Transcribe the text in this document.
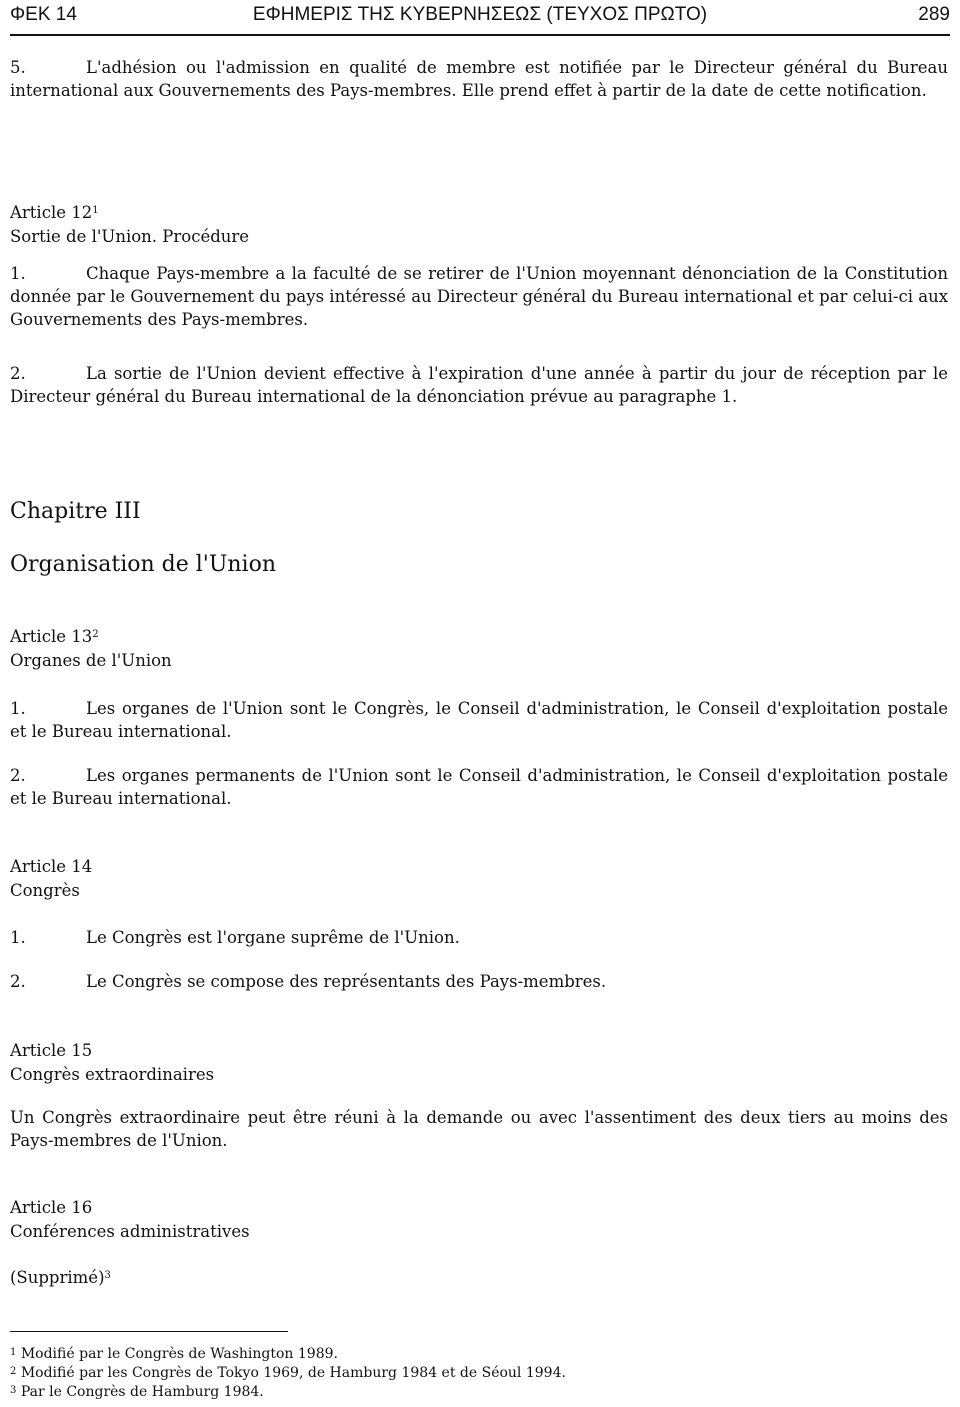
ΦΕΚ 14	ΕΦΗΜΕΡΙΣ ΤΗΣ ΚΥΒΕΡΝΗΣΕΩΣ (ΤΕΥΧΟΣ ΠΡΩΤΟ)	289
5.	L'adhésion ou l'admission en qualité de membre est notifiée par le Directeur général du Bureau international aux Gouvernements des Pays-membres. Elle prend effet à partir de la date de cette notification.
Article $12^1$
Sortie de l'Union. Procédure
1.	Chaque Pays-membre a la faculté de se retirer de l'Union moyennant dénonciation de la Constitution donnée par le Gouvernement du pays intéressé au Directeur général du Bureau international et par celui-ci aux Gouvernements des Pays-membres.
2.	La sortie de l'Union devient effective à l'expiration d'une année à partir du jour de réception par le Directeur général du Bureau international de la dénonciation prévue au paragraphe 1.
Chapitre III
Organisation de l'Union
Article $13^2$
Organes de l'Union
1.	Les organes de l'Union sont le Congrès, le Conseil d'administration, le Conseil d'exploitation postale et le Bureau international.
2.	Les organes permanents de l'Union sont le Conseil d'administration, le Conseil d'exploitation postale et le Bureau international.
Article 14
Congrès
1.	Le Congrès est l'organe suprême de l'Union.
2.	Le Congrès se compose des représentants des Pays-membres.
Article 15
Congrès extraordinaires
Un Congrès extraordinaire peut être réuni à la demande ou avec l'assentiment des deux tiers au moins des Pays-membres de l'Union.
Article 16
Conférences administratives
(Supprimé)$^3$
$^1$ Modifié par le Congrès de Washington 1989.
$^2$ Modifié par les Congrès de Tokyo 1969, de Hamburg 1984 et de Séoul 1994.
$^3$ Par le Congrès de Hamburg 1984.
